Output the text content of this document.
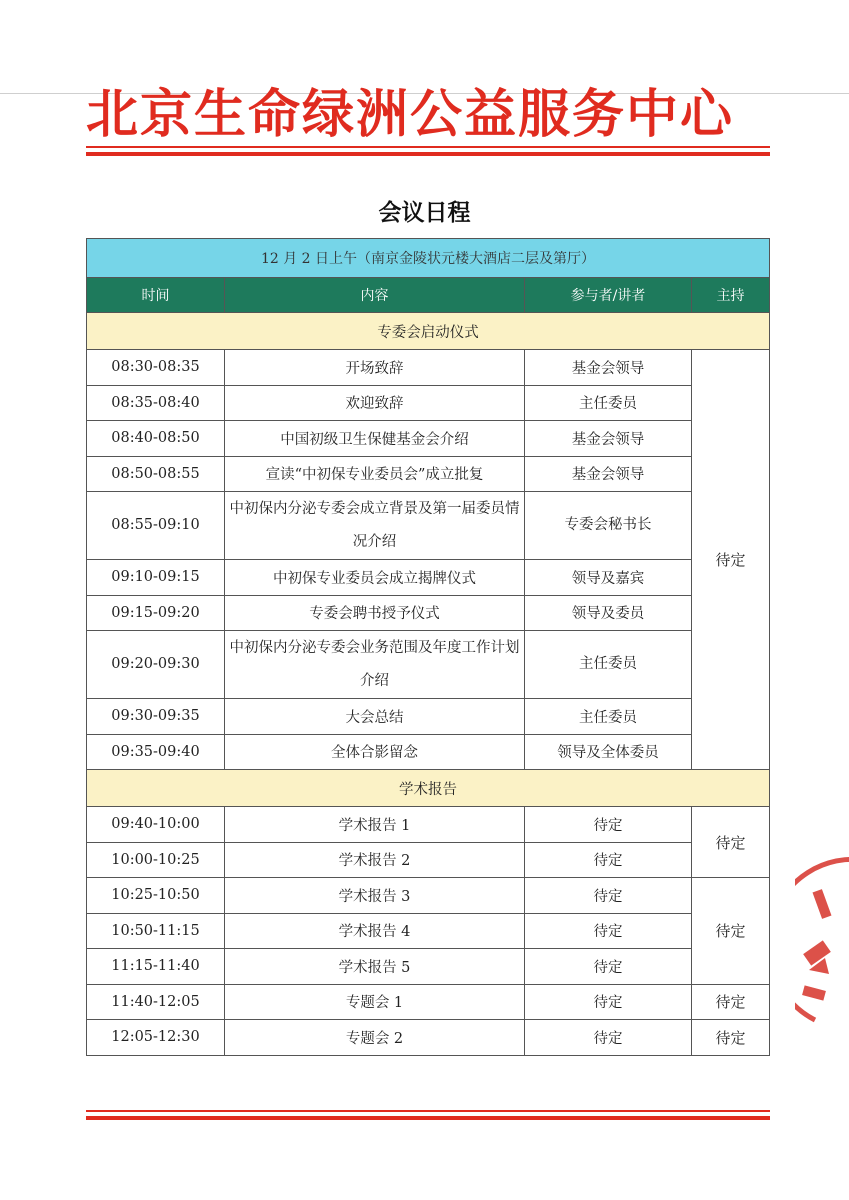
北京生命绿洲公益服务中心
会议日程
12 月 2 日上午（南京金陵状元楼大酒店二层及第厅）			
时间	内容	参与者/讲者	主持
专委会启动仪式			
08:30-08:35	开场致辞	基金会领导	待定
08:35-08:40	欢迎致辞	主任委员	
08:40-08:50	中国初级卫生保健基金会介绍	基金会领导	
08:50-08:55	宣读“中初保专业委员会”成立批复	基金会领导	
08:55-09:10	中初保内分泌专委会成立背景及第一届委员情况介绍	专委会秘书长	
09:10-09:15	中初保专业委员会成立揭牌仪式	领导及嘉宾	
09:15-09:20	专委会聘书授予仪式	领导及委员	
09:20-09:30	中初保内分泌专委会业务范围及年度工作计划介绍	主任委员	
09:30-09:35	大会总结	主任委员	
09:35-09:40	全体合影留念	领导及全体委员	
学术报告			
09:40-10:00	学术报告 1	待定	待定
10:00-10:25	学术报告 2	待定	
10:25-10:50	学术报告 3	待定	待定
10:50-11:15	学术报告 4	待定	
11:15-11:40	学术报告 5	待定	
11:40-12:05	专题会 1	待定	待定
12:05-12:30	专题会 2	待定	待定
